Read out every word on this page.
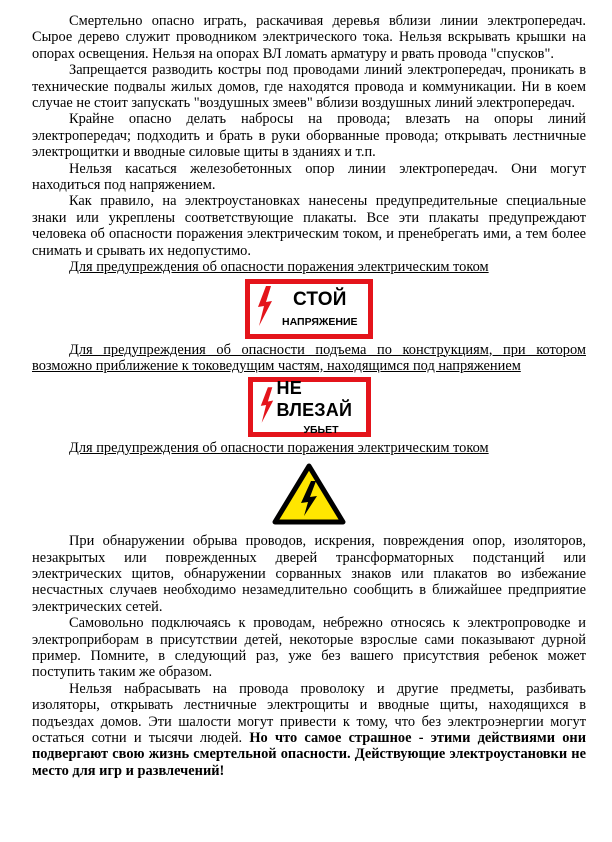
Смертельно опасно играть, раскачивая деревья вблизи линии электропередач. Сырое дерево служит проводником электрического тока. Нельзя вскрывать крышки на опорах освещения. Нельзя на опорах ВЛ ломать арматуру и рвать провода "спусков".

Запрещается разводить костры под проводами линий электропередач, проникать в технические подвалы жилых домов, где находятся провода и коммуникации. Ни в коем случае не стоит запускать "воздушных змеев" вблизи воздушных линий электропередач.

Крайне опасно делать набросы на провода; влезать на опоры линий электропередач; подходить и брать в руки оборванные провода; открывать лестничные электрощитки и вводные силовые щиты в зданиях и т.п.

Нельзя касаться железобетонных опор линии электропередач. Они могут находиться под напряжением.

Как правило, на электроустановках нанесены предупредительные специальные знаки или укреплены соответствующие плакаты. Все эти плакаты предупреждают человека об опасности поражения электрическим током, и пренебрегать ими, а тем более снимать и срывать их недопустимо.

Для предупреждения об опасности поражения электрическим током

СТОЙ
НАПРЯЖЕНИЕ

Для предупреждения об опасности подъема по конструкциям, при котором возможно приближение к токоведущим частям, находящимся под напряжением

НЕ ВЛЕЗАЙ
УБЬЕТ

Для предупреждения об опасности поражения электрическим током

При обнаружении обрыва проводов, искрения, повреждения опор, изоляторов, незакрытых или поврежденных дверей трансформаторных подстанций или электрических щитов, обнаружении сорванных знаков или плакатов во избежание несчастных случаев необходимо незамедлительно сообщить в ближайшее предприятие электрических сетей.

Самовольно подключаясь к проводам, небрежно относясь к электропроводке и электроприборам в присутствии детей, некоторые взрослые сами показывают дурной пример. Помните, в следующий раз, уже без вашего присутствия ребенок может поступить таким же образом.

Нельзя набрасывать на провода проволоку и другие предметы, разбивать изоляторы, открывать лестничные электрощиты и вводные щиты, находящихся в подъездах домов. Эти шалости могут привести к тому, что без электроэнергии могут остаться сотни и тысячи людей. Но что самое страшное - этими действиями они подвергают свою жизнь смертельной опасности. Действующие электроустановки не место для игр и развлечений!
